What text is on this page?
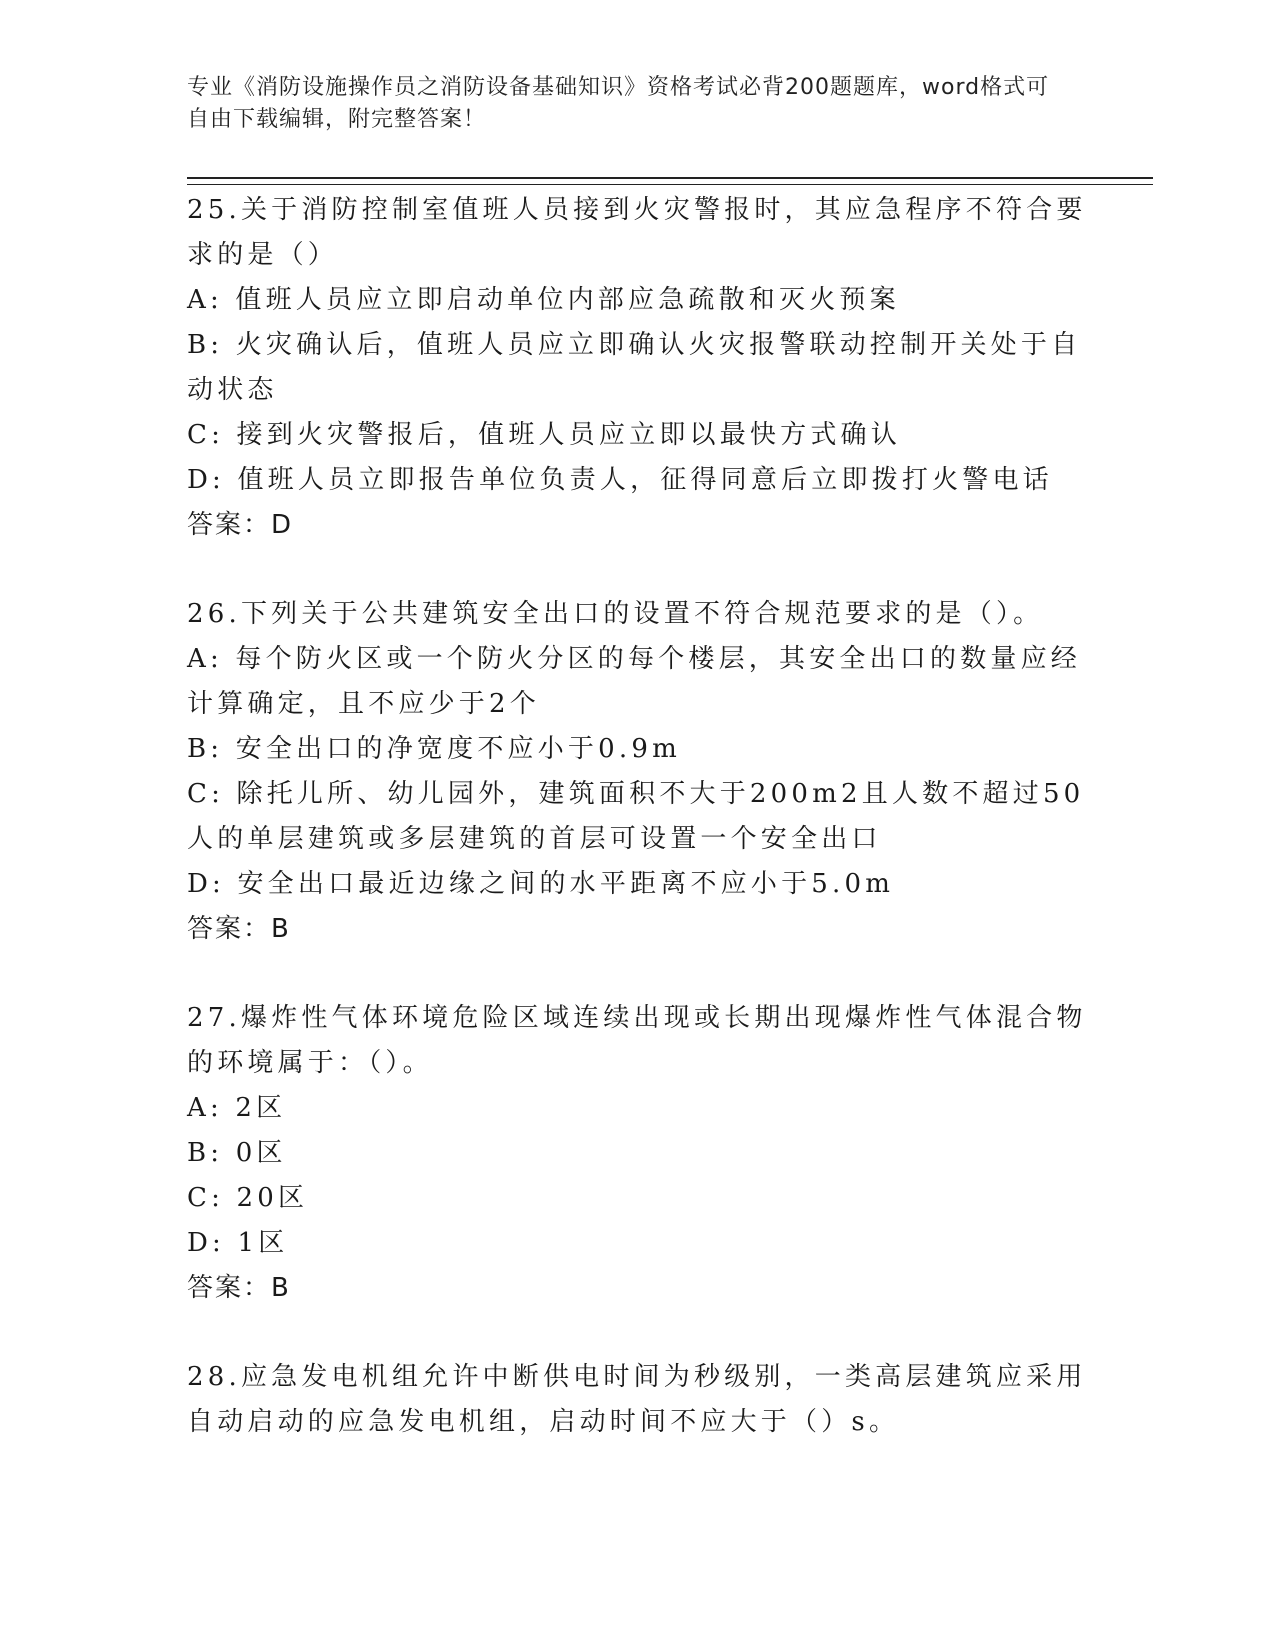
专业《消防设施操作员之消防设备基础知识》资格考试必背200题题库，word格式可自由下载编辑，附完整答案！

25.关于消防控制室值班人员接到火灾警报时，其应急程序不符合要求的是（）

A: 值班人员应立即启动单位内部应急疏散和灭火预案

B: 火灾确认后，值班人员应立即确认火灾报警联动控制开关处于自动状态

C: 接到火灾警报后，值班人员应立即以最快方式确认

D: 值班人员立即报告单位负责人，征得同意后立即拨打火警电话

答案：D

26.下列关于公共建筑安全出口的设置不符合规范要求的是（）。

A: 每个防火区或一个防火分区的每个楼层，其安全出口的数量应经计算确定，且不应少于2个

B: 安全出口的净宽度不应小于0.9m

C: 除托儿所、幼儿园外，建筑面积不大于200m2且人数不超过50人的单层建筑或多层建筑的首层可设置一个安全出口

D: 安全出口最近边缘之间的水平距离不应小于5.0m

答案：B

27.爆炸性气体环境危险区域连续出现或长期出现爆炸性气体混合物的环境属于：（）。

A: 2区

B: 0区

C: 20区

D: 1区

答案：B

28.应急发电机组允许中断供电时间为秒级别，一类高层建筑应采用自动启动的应急发电机组，启动时间不应大于（）s。
